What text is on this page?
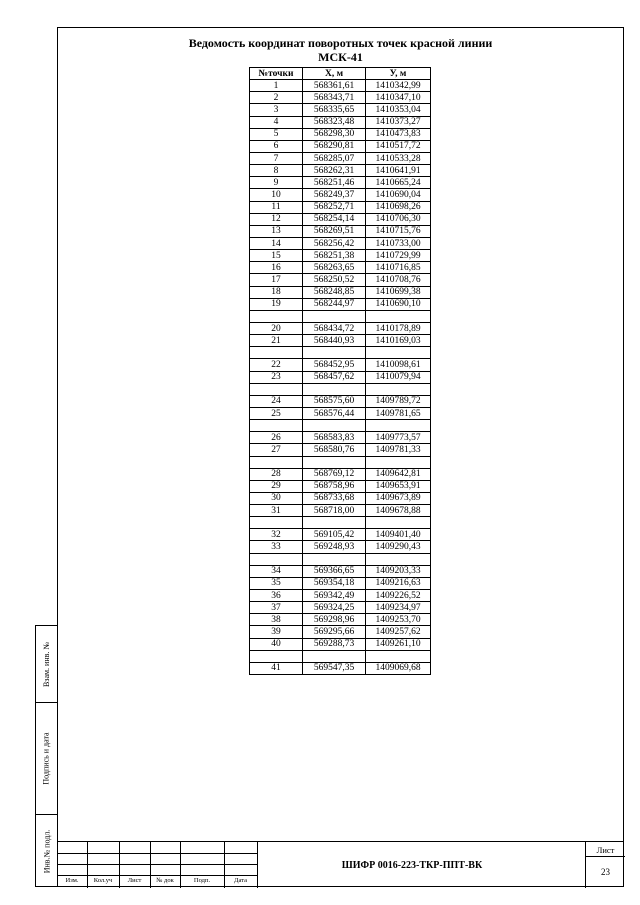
Взам. инв. №
Подпись и дата
Инв.№ подл.
Ведомость координат поворотных точек красной линии
МСК-41
№точки	X, м	У, м
1	568361,61	1410342,99
2	568343,71	1410347,10
3	568335,65	1410353,04
4	568323,48	1410373,27
5	568298,30	1410473,83
6	568290,81	1410517,72
7	568285,07	1410533,28
8	568262,31	1410641,91
9	568251,46	1410665,24
10	568249,37	1410690,04
11	568252,71	1410698,26
12	568254,14	1410706,30
13	568269,51	1410715,76
14	568256,42	1410733,00
15	568251,38	1410729,99
16	568263,65	1410716,85
17	568250,52	1410708,76
18	568248,85	1410699,38
19	568244,97	1410690,10

20	568434,72	1410178,89
21	568440,93	1410169,03

22	568452,95	1410098,61
23	568457,62	1410079,94

24	568575,60	1409789,72
25	568576,44	1409781,65

26	568583,83	1409773,57
27	568580,76	1409781,33

28	568769,12	1409642,81
29	568758,96	1409653,91
30	568733,68	1409673,89
31	568718,00	1409678,88

32	569105,42	1409401,40
33	569248,93	1409290,43

34	569366,65	1409203,33
35	569354,18	1409216,63
36	569342,49	1409226,52
37	569324,25	1409234,97
38	569298,96	1409253,70
39	569295,66	1409257,62
40	569288,73	1409261,10

41	569547,35	1409069,68
Изм.	Кол.уч	Лист	№ док	Подп.	Дата
ШИФР 0016-223-ТКР-ППТ-ВК
Лист
23
